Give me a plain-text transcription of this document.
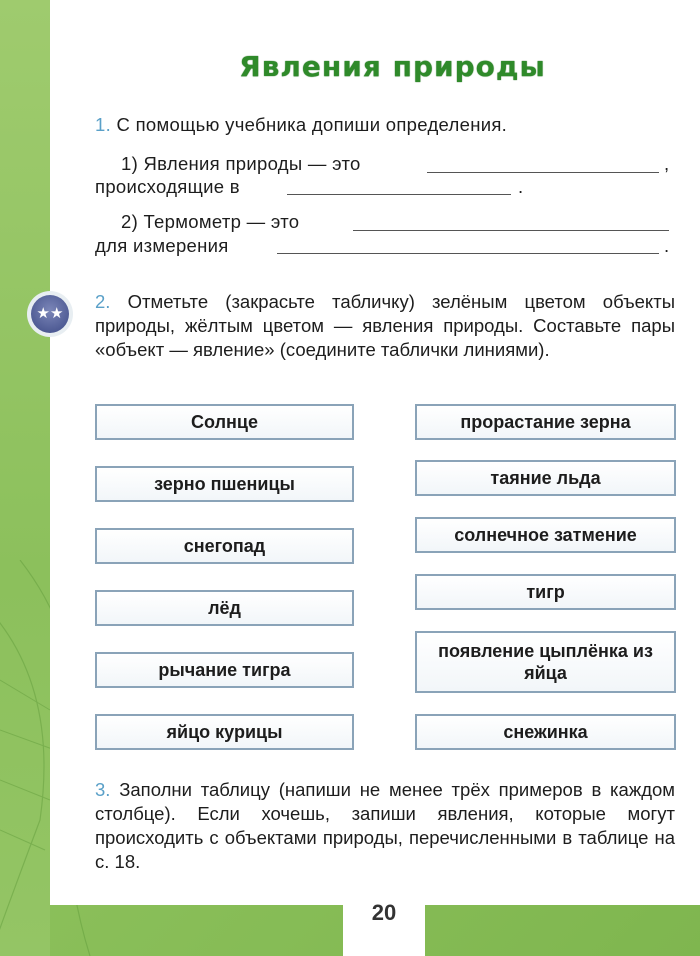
20
Явления природы
1. С помощью учебника допиши определения.
1) Явления природы — это	,
происходящие в	.
2) Термометр — это
для измерения	.
★★
2. Отметьте (закрасьте табличку) зелёным цветом объекты природы, жёлтым цветом — явления природы. Составьте пары «объект — явление» (соедините таблички линиями).
Солнце
зерно пшеницы
снегопад
лёд
рычание тигра
яйцо курицы
прорастание зерна
таяние льда
солнечное затмение
тигр
появление цыплёнка из яйца
снежинка
3. Заполни таблицу (напиши не менее трёх примеров в каждом столбце). Если хочешь, запиши явления, которые могут происходить с объектами природы, перечисленными в таблице на с. 18.
